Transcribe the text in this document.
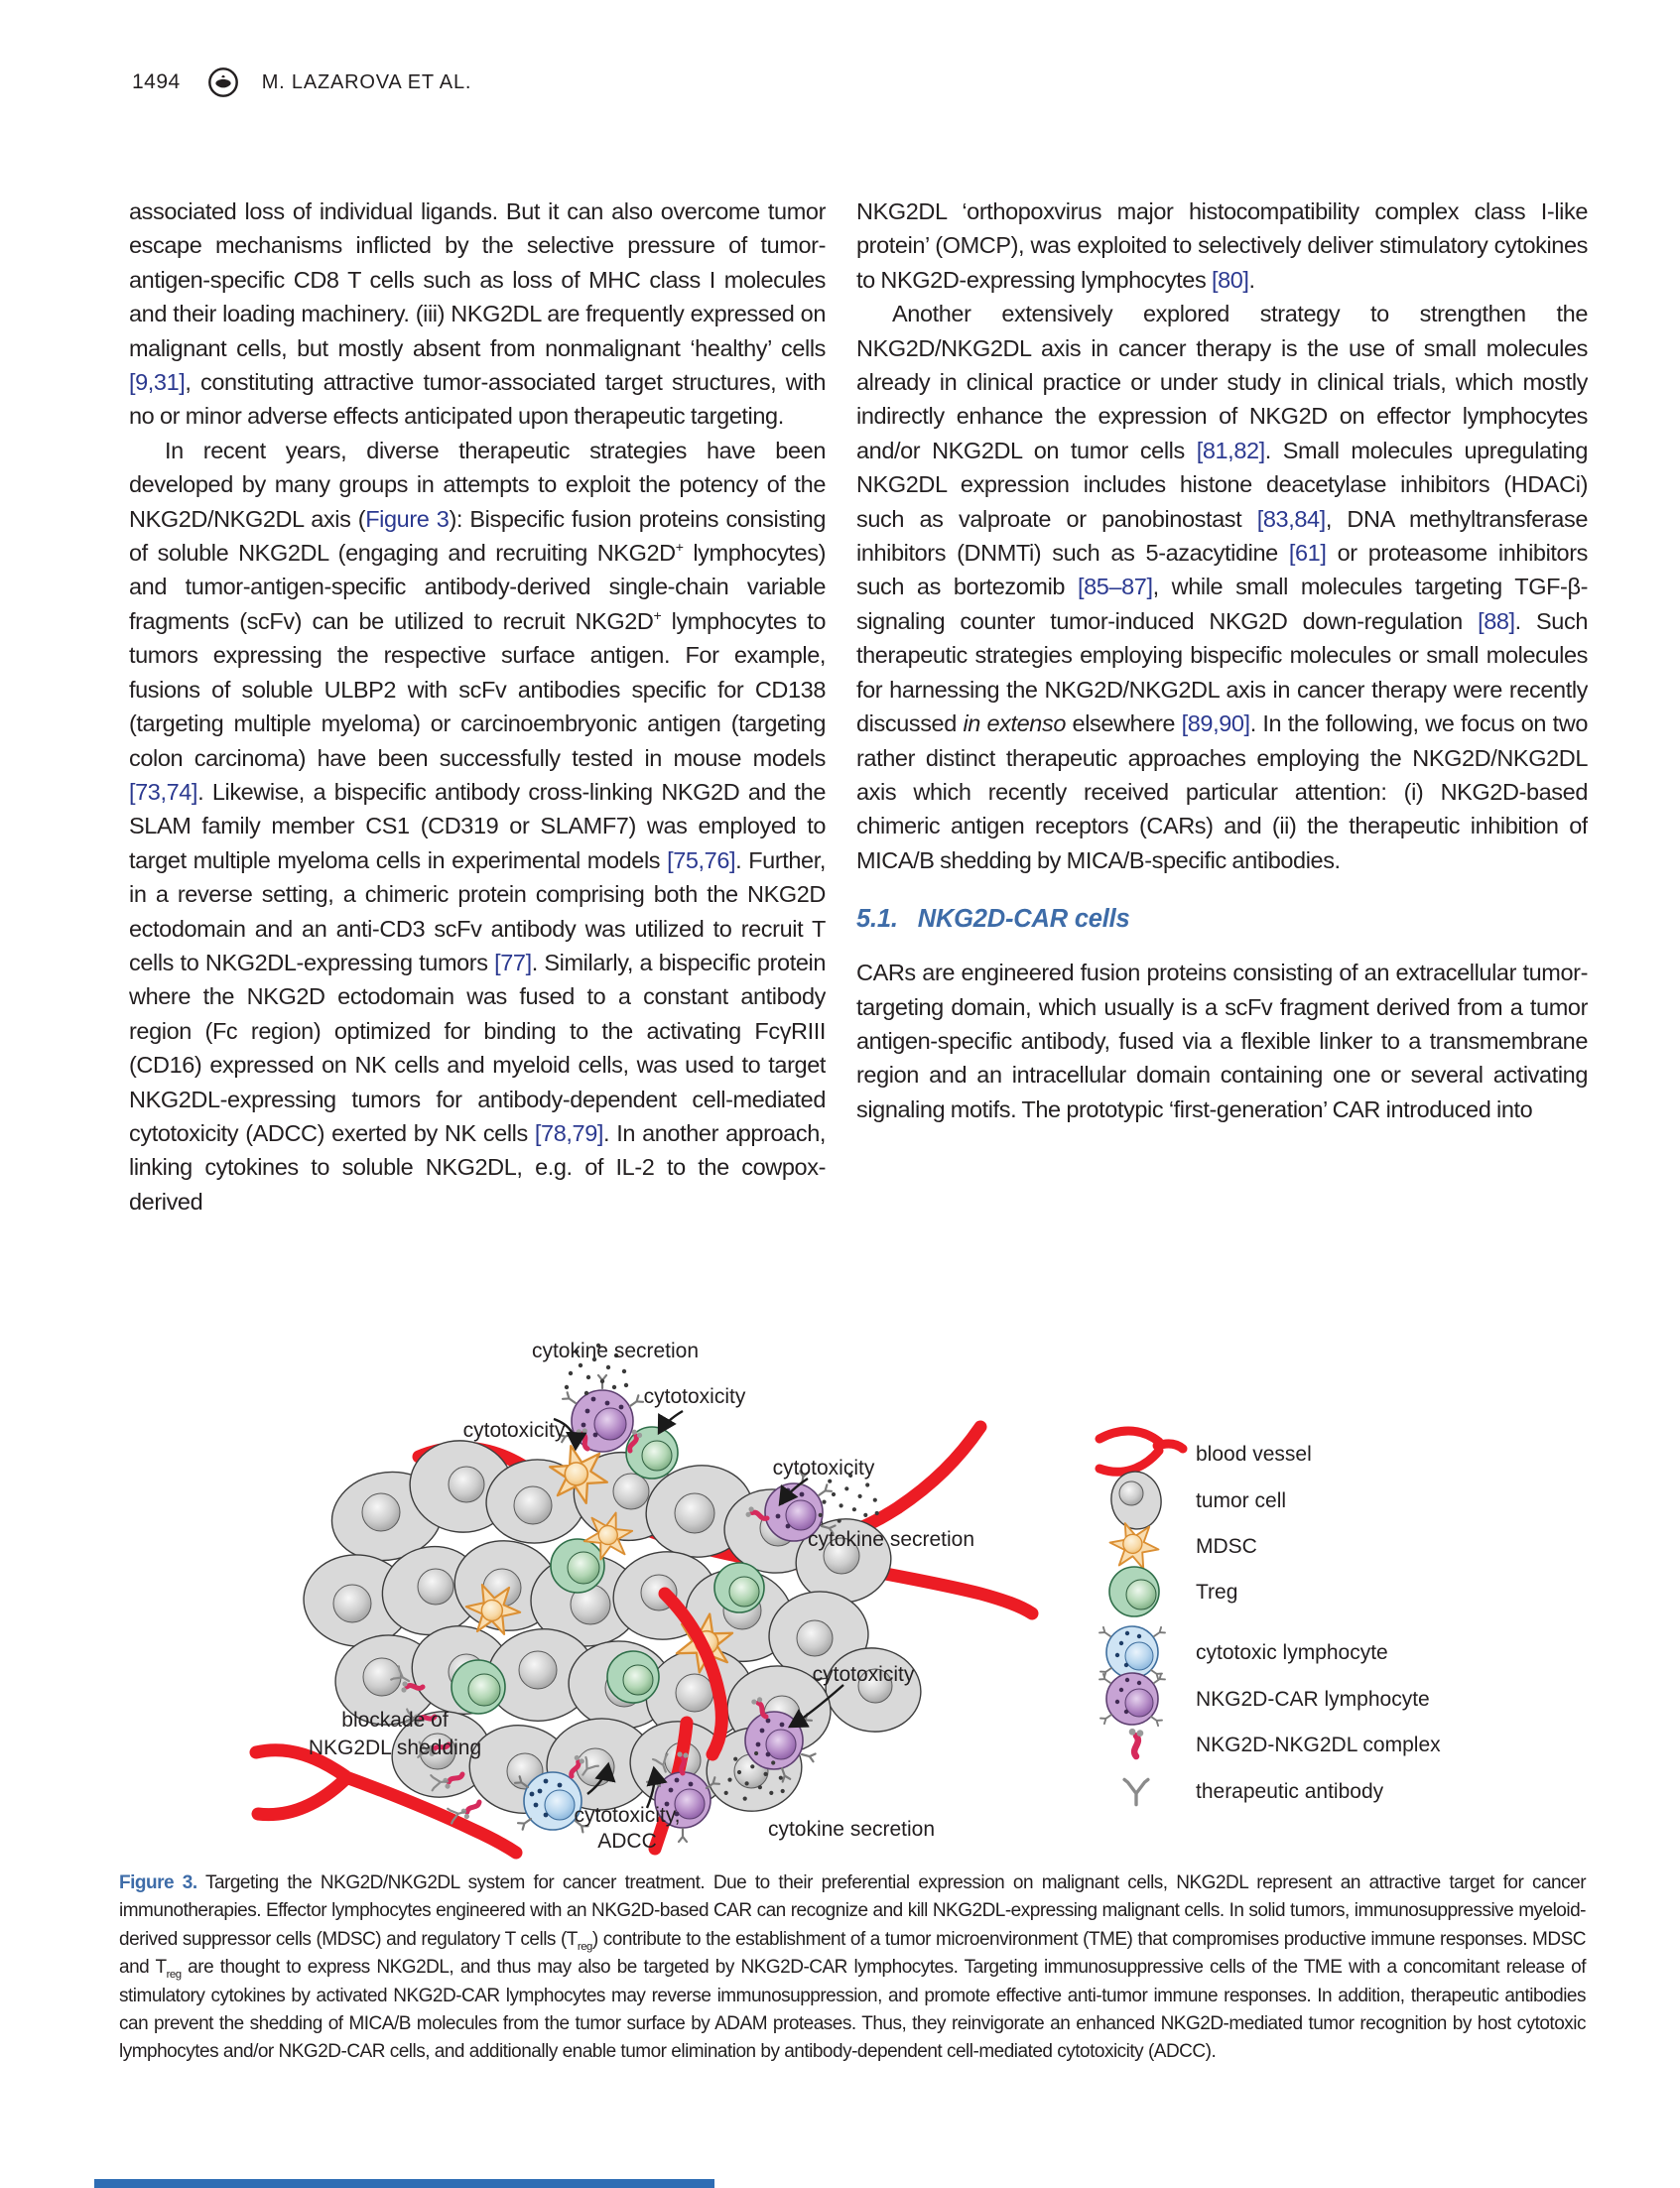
1494	M. LAZAROVA ET AL.

associated loss of individual ligands. But it can also overcome tumor escape mechanisms inflicted by the selective pressure of tumor-antigen-specific CD8 T cells such as loss of MHC class I molecules and their loading machinery. (iii) NKG2DL are frequently expressed on malignant cells, but mostly absent from nonmalignant ‘healthy’ cells [9,31], constituting attractive tumor-associated target structures, with no or minor adverse effects anticipated upon therapeutic targeting.

In recent years, diverse therapeutic strategies have been developed by many groups in attempts to exploit the potency of the NKG2D/NKG2DL axis (Figure 3): Bispecific fusion proteins consisting of soluble NKG2DL (engaging and recruiting NKG2D+ lymphocytes) and tumor-antigen-specific antibody-derived single-chain variable fragments (scFv) can be utilized to recruit NKG2D+ lymphocytes to tumors expressing the respective surface antigen. For example, fusions of soluble ULBP2 with scFv antibodies specific for CD138 (targeting multiple myeloma) or carcinoembryonic antigen (targeting colon carcinoma) have been successfully tested in mouse models [73,74]. Likewise, a bispecific antibody cross-linking NKG2D and the SLAM family member CS1 (CD319 or SLAMF7) was employed to target multiple myeloma cells in experimental models [75,76]. Further, in a reverse setting, a chimeric protein comprising both the NKG2D ectodomain and an anti-CD3 scFv antibody was utilized to recruit T cells to NKG2DL-expressing tumors [77]. Similarly, a bispecific protein where the NKG2D ectodomain was fused to a constant antibody region (Fc region) optimized for binding to the activating FcγRIII (CD16) expressed on NK cells and myeloid cells, was used to target NKG2DL-expressing tumors for antibody-dependent cell-mediated cytotoxicity (ADCC) exerted by NK cells [78,79]. In another approach, linking cytokines to soluble NKG2DL, e.g. of IL-2 to the cowpox-derived

NKG2DL ‘orthopoxvirus major histocompatibility complex class I-like protein’ (OMCP), was exploited to selectively deliver stimulatory cytokines to NKG2D-expressing lymphocytes [80].

Another extensively explored strategy to strengthen the NKG2D/NKG2DL axis in cancer therapy is the use of small molecules already in clinical practice or under study in clinical trials, which mostly indirectly enhance the expression of NKG2D on effector lymphocytes and/or NKG2DL on tumor cells [81,82]. Small molecules upregulating NKG2DL expression includes histone deacetylase inhibitors (HDACi) such as valproate or panobinostast [83,84], DNA methyltransferase inhibitors (DNMTi) such as 5-azacytidine [61] or proteasome inhibitors such as bortezomib [85–87], while small molecules targeting TGF-β-signaling counter tumor-induced NKG2D down-regulation [88]. Such therapeutic strategies employing bispecific molecules or small molecules for harnessing the NKG2D/NKG2DL axis in cancer therapy were recently discussed in extenso elsewhere [89,90]. In the following, we focus on two rather distinct therapeutic approaches employing the NKG2D/NKG2DL axis which recently received particular attention: (i) NKG2D-based chimeric antigen receptors (CARs) and (ii) the therapeutic inhibition of MICA/B shedding by MICA/B-specific antibodies.

5.1. NKG2D-CAR cells

CARs are engineered fusion proteins consisting of an extracellular tumor-targeting domain, which usually is a scFv fragment derived from a tumor antigen-specific antibody, fused via a flexible linker to a transmembrane region and an intracellular domain containing one or several activating signaling motifs. The prototypic ‘first-generation’ CAR introduced into

cytokine secretion
cytotoxicity
cytotoxicity
cytotoxicity
cytokine secretion
cytotoxicity
blockade of
NKG2DL shedding
cytotoxicity,
ADCC
cytokine secretion
blood vessel
tumor cell
MDSC
Treg
cytotoxic lymphocyte
NKG2D-CAR lymphocyte
NKG2D-NKG2DL complex
therapeutic antibody

Figure 3. Targeting the NKG2D/NKG2DL system for cancer treatment. Due to their preferential expression on malignant cells, NKG2DL represent an attractive target for cancer immunotherapies. Effector lymphocytes engineered with an NKG2D-based CAR can recognize and kill NKG2DL-expressing malignant cells. In solid tumors, immunosuppressive myeloid-derived suppressor cells (MDSC) and regulatory T cells $(T_{reg})$ contribute to the establishment of a tumor microenvironment (TME) that compromises productive immune responses. MDSC and $T_{reg}$ are thought to express NKG2DL, and thus may also be targeted by NKG2D-CAR lymphocytes. Targeting immunosuppressive cells of the TME with a concomitant release of stimulatory cytokines by activated NKG2D-CAR lymphocytes may reverse immunosuppression, and promote effective anti-tumor immune responses. In addition, therapeutic antibodies can prevent the shedding of MICA/B molecules from the tumor surface by ADAM proteases. Thus, they reinvigorate an enhanced NKG2D-mediated tumor recognition by host cytotoxic lymphocytes and/or NKG2D-CAR cells, and additionally enable tumor elimination by antibody-dependent cell-mediated cytotoxicity (ADCC).
